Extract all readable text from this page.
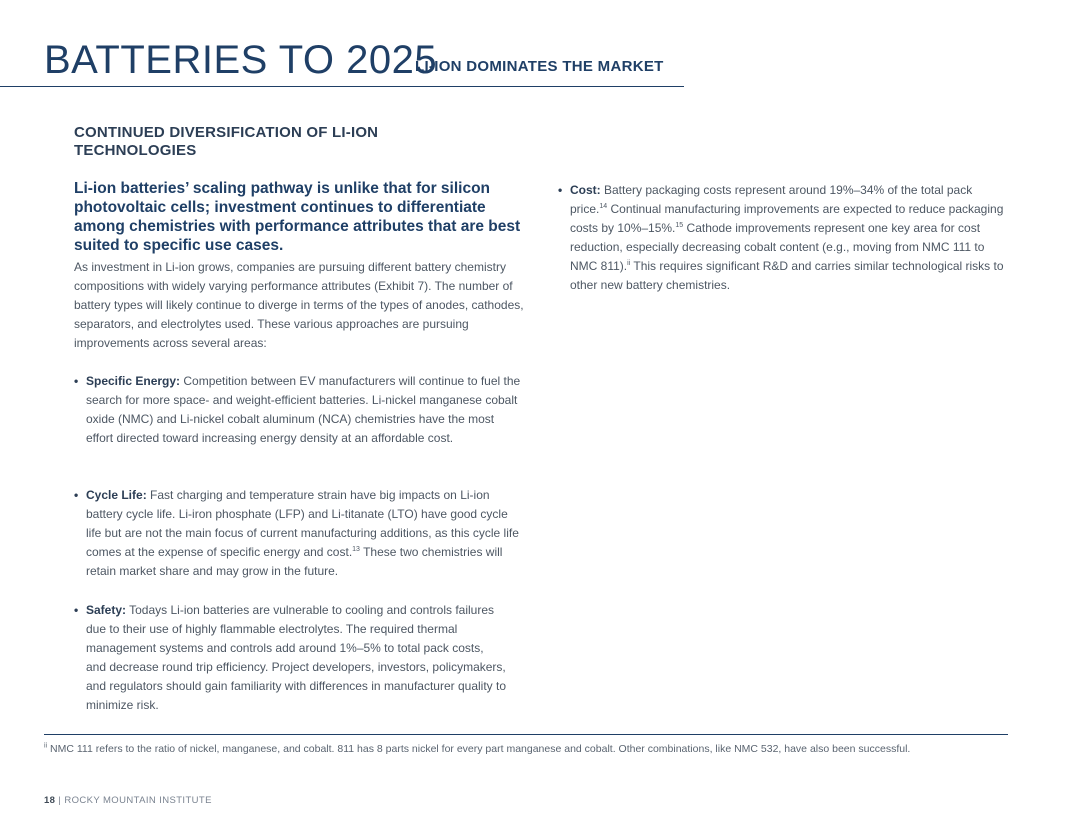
BATTERIES TO 2025
LI-ION DOMINATES THE MARKET
CONTINUED DIVERSIFICATION OF LI-ION TECHNOLOGIES
Li-ion batteries’ scaling pathway is unlike that for silicon photovoltaic cells; investment continues to differentiate among chemistries with performance attributes that are best suited to specific use cases.
As investment in Li-ion grows, companies are pursuing different battery chemistry compositions with widely varying performance attributes (Exhibit 7). The number of battery types will likely continue to diverge in terms of the types of anodes, cathodes, separators, and electrolytes used. These various approaches are pursuing improvements across several areas:
• Specific Energy: Competition between EV manufacturers will continue to fuel the search for more space- and weight-efficient batteries. Li-nickel manganese cobalt oxide (NMC) and Li-nickel cobalt aluminum (NCA) chemistries have the most effort directed toward increasing energy density at an affordable cost.
• Cycle Life: Fast charging and temperature strain have big impacts on Li-ion battery cycle life. Li-iron phosphate (LFP) and Li-titanate (LTO) have good cycle life but are not the main focus of current manufacturing additions, as this cycle life comes at the expense of specific energy and cost.$^{13}$ These two chemistries will retain market share and may grow in the future.
• Safety: Todays Li-ion batteries are vulnerable to cooling and controls failures due to their use of highly flammable electrolytes. The required thermal management systems and controls add around 1%–5% to total pack costs, and decrease round trip efficiency. Project developers, investors, policymakers, and regulators should gain familiarity with differences in manufacturer quality to minimize risk.
• Cost: Battery packaging costs represent around 19%–34% of the total pack price.$^{14}$ Continual manufacturing improvements are expected to reduce packaging costs by 10%–15%.$^{15}$ Cathode improvements represent one key area for cost reduction, especially decreasing cobalt content (e.g., moving from NMC 111 to NMC 811).$^{ii}$ This requires significant R&D and carries similar technological risks to other new battery chemistries.
$^{ii}$ NMC 111 refers to the ratio of nickel, manganese, and cobalt. 811 has 8 parts nickel for every part manganese and cobalt. Other combinations, like NMC 532, have also been successful.
18 | ROCKY MOUNTAIN INSTITUTE
